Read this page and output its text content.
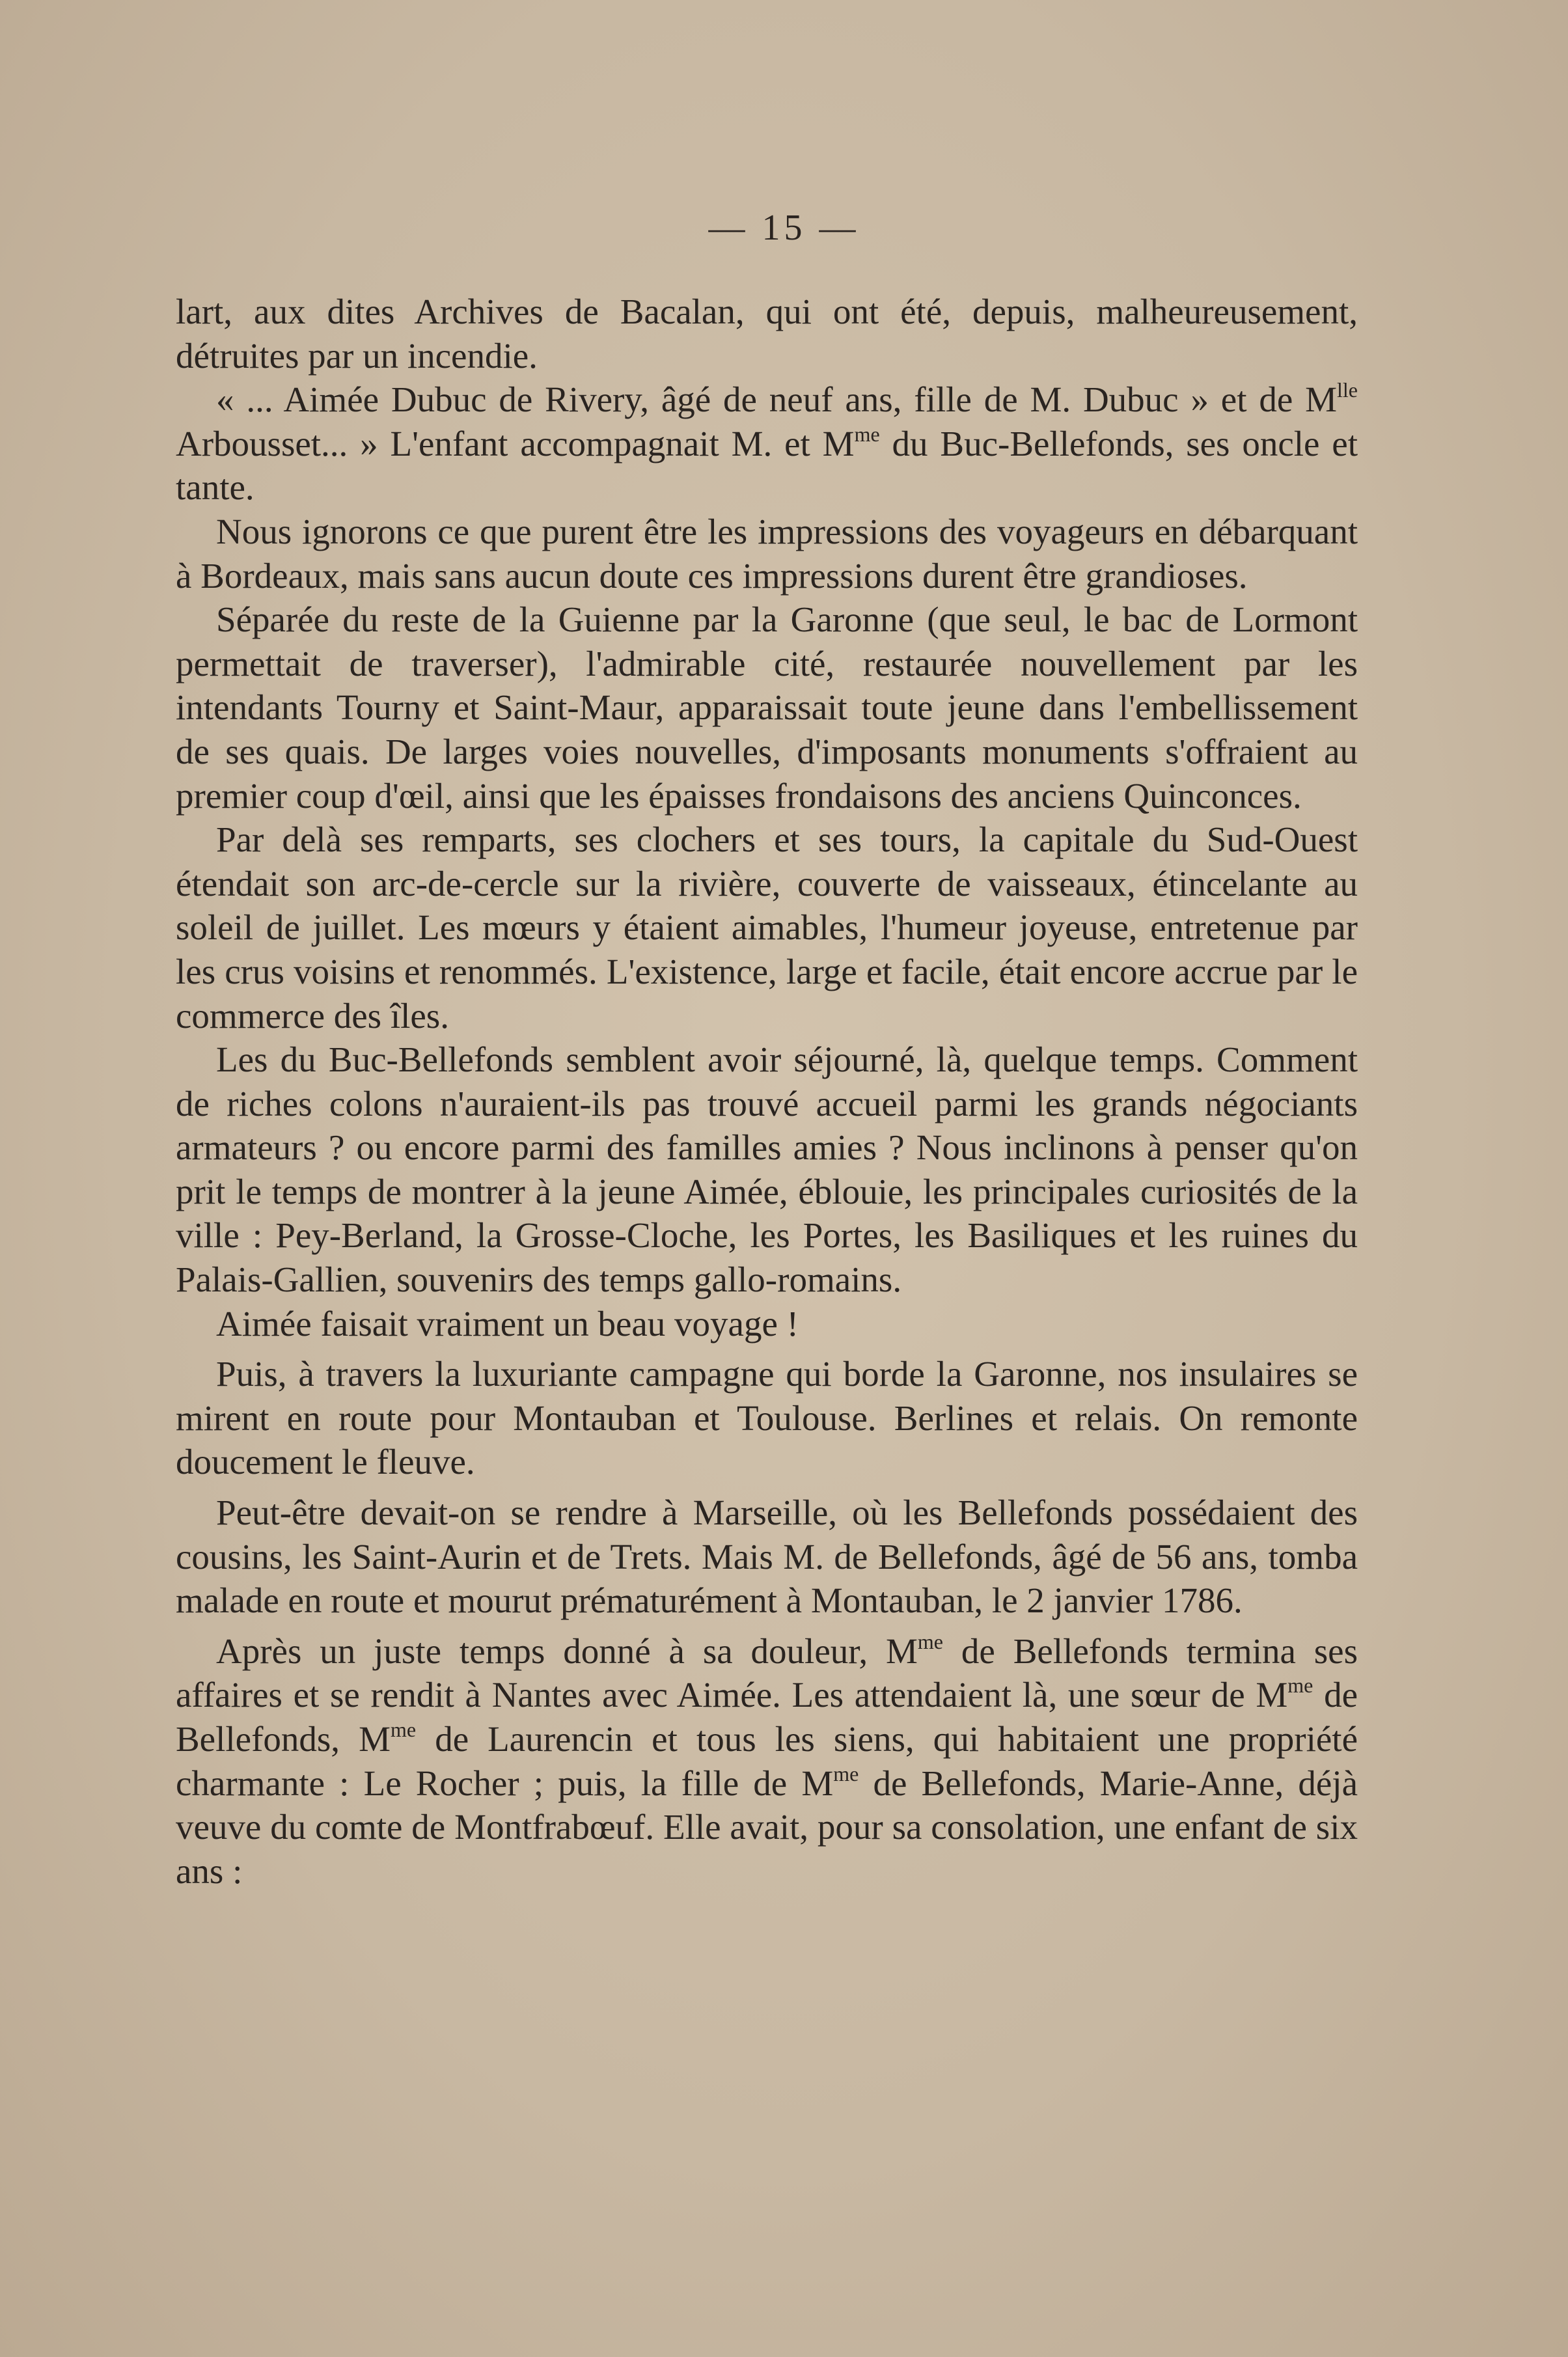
— 15 —

lart, aux dites Archives de Bacalan, qui ont été, depuis, malheureusement, détruites par un incendie.

« ... Aimée Dubuc de Rivery, âgé de neuf ans, fille de M. Dubuc » et de $M^{lle}$ Arbousset... » L'enfant accompagnait M. et $M^{me}$ du Buc-Bellefonds, ses oncle et tante.

Nous ignorons ce que purent être les impressions des voyageurs en débarquant à Bordeaux, mais sans aucun doute ces impressions durent être grandioses.

Séparée du reste de la Guienne par la Garonne (que seul, le bac de Lormont permettait de traverser), l'admirable cité, restaurée nouvellement par les intendants Tourny et Saint-Maur, apparaissait toute jeune dans l'embellissement de ses quais. De larges voies nouvelles, d'imposants monuments s'offraient au premier coup d'œil, ainsi que les épaisses frondaisons des anciens Quinconces.

Par delà ses remparts, ses clochers et ses tours, la capitale du Sud-Ouest étendait son arc-de-cercle sur la rivière, couverte de vaisseaux, étincelante au soleil de juillet. Les mœurs y étaient aimables, l'humeur joyeuse, entretenue par les crus voisins et renommés. L'existence, large et facile, était encore accrue par le commerce des îles.

Les du Buc-Bellefonds semblent avoir séjourné, là, quelque temps. Comment de riches colons n'auraient-ils pas trouvé accueil parmi les grands négociants armateurs ? ou encore parmi des familles amies ? Nous inclinons à penser qu'on prit le temps de montrer à la jeune Aimée, éblouie, les principales curiosités de la ville : Pey-Berland, la Grosse-Cloche, les Portes, les Basiliques et les ruines du Palais-Gallien, souvenirs des temps gallo-romains.

Aimée faisait vraiment un beau voyage !

Puis, à travers la luxuriante campagne qui borde la Garonne, nos insulaires se mirent en route pour Montauban et Toulouse. Berlines et relais. On remonte doucement le fleuve.

Peut-être devait-on se rendre à Marseille, où les Bellefonds possédaient des cousins, les Saint-Aurin et de Trets. Mais M. de Bellefonds, âgé de 56 ans, tomba malade en route et mourut prématurément à Montauban, le 2 janvier 1786.

Après un juste temps donné à sa douleur, $M^{me}$ de Bellefonds termina ses affaires et se rendit à Nantes avec Aimée. Les attendaient là, une sœur de $M^{me}$ de Bellefonds, $M^{me}$ de Laurencin et tous les siens, qui habitaient une propriété charmante : Le Rocher ; puis, la fille de $M^{me}$ de Bellefonds, Marie-Anne, déjà veuve du comte de Montfrabœuf. Elle avait, pour sa consolation, une enfant de six ans :
